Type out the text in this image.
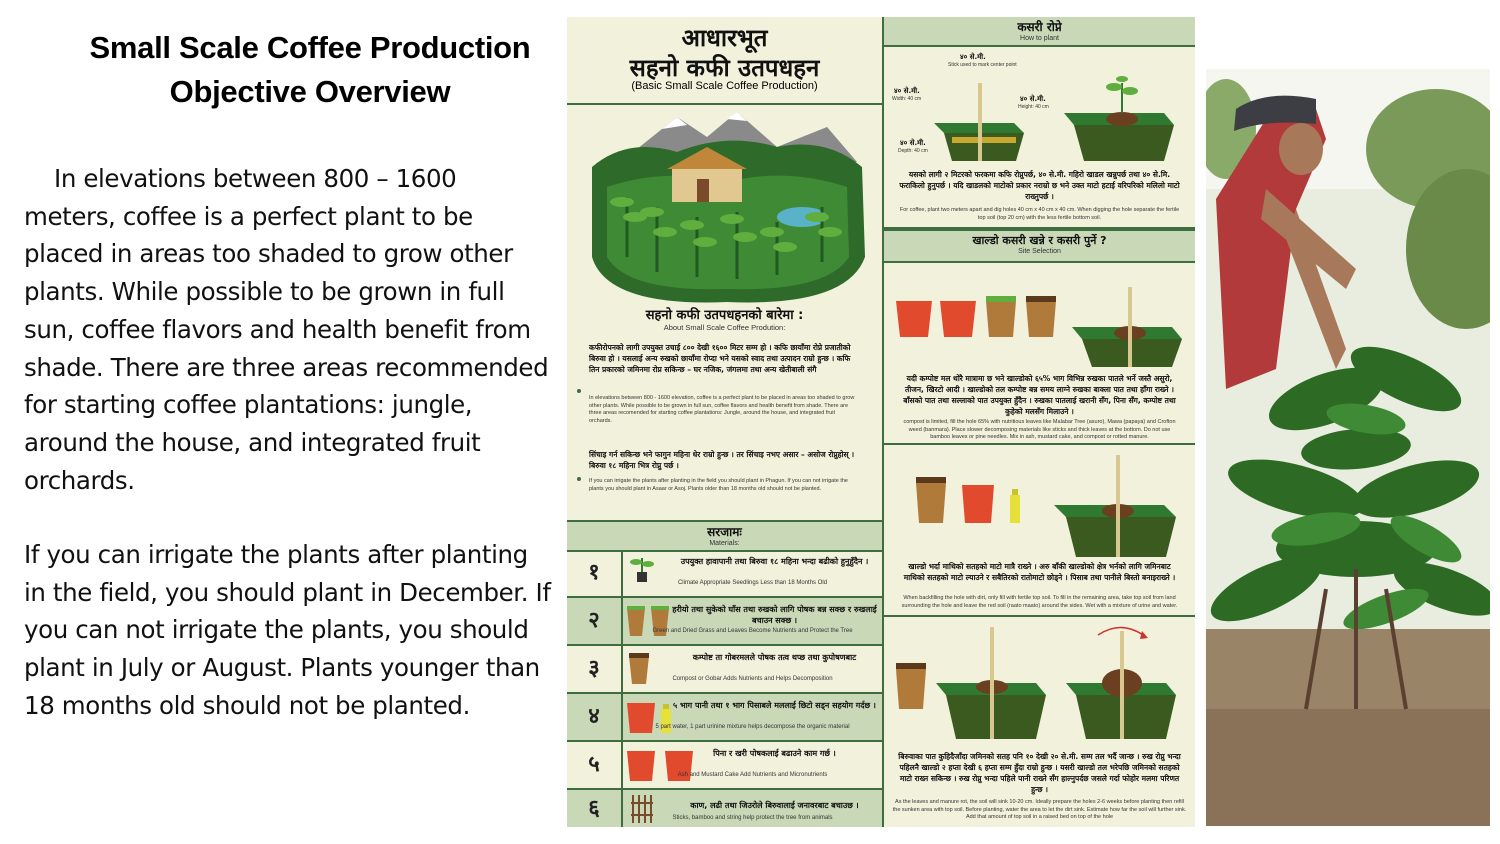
Small Scale Coffee Production
Objective Overview
In elevations between 800 – 1600 meters, coffee is a perfect plant to be placed in areas too shaded to grow other plants. While possible to be grown in full sun, coffee flavors and health benefit from shade. There are three areas recommended for starting coffee plantations: jungle, around the house, and integrated fruit orchards.
If you can irrigate the plants after planting in the field, you should plant in December. If you can not irrigate the plants, you should plant in July or August. Plants younger than 18 months old should not be planted.
आधारभूत
सहनो कफी उतपधहन
(Basic Small Scale Coffee Production)
सहनो कफी उतपधहनको बारेमा :
About Small Scale Coffee Prodution:
कफीरोपनको लागी उपयुक्त उचाई ८०० देखी १६०० मिटर सम्म हो । कफि छायाँमा रोप्ने प्रजातीको बिरुवा हो । यसलाई अन्य रुखको छायाँमा रोप्दा भने यसको स्वाद तथा उत्पादन राम्रो हुन्छ । कफि तिन प्रकारको जमिनमा रोप्न सकिन्छ – घर नजिक, जंगलमा तथा अन्य खेतीबाली संगै
In elevations between 800 - 1600 elevation, coffee is a perfect plant to be placed in areas too shaded to grow other plants. While possible to be grown in full sun, coffee flavors and health benefit from shade. There are three areas recomended for starting coffee plantations: Jungle, around the house, and integrated fruit orchards.
सिंचाइ गर्न सकिन्छ भने फागुन महिना धेर राम्रो हुन्छ । तर सिंचाइ नभए असार – असोज रोप्नुहोस् । बिरुवा १८ महिना भित्र रोप्नु पर्छ ।
If you can irrigate the plants after planting in the field you should plant in Phagun. If you can not irrigate the plants you should plant in Asaar or Asoj. Plants older than 18 months old should not be planted.
सरजामः
Materials:
१	उपयुक्त हावापानी तथा बिरुवा १८ महिना भन्दा बढीको हुनुहुँदैन ।
Climate Appropriate Seedlings Less than 18 Months Old
२	हरीयो तथा सुकेको घाँस तथा रुखको लागि पोषक बन्न सक्छ र रुखलाई बचाउन सक्छ ।
Green and Dried Grass and Leaves Become Nutrients and Protect the Tree
३	कम्पोष्ट ता गोबरमलले पोषक तत्व थप्छ तथा कुपोषणबाट
Compost or Gobar Adds Nutrients and Helps Decomposition
४	५ भाग पानी तथा १ भाग पिसाबले मललाई छिटो सड्न सहयोग गर्दछ ।
5 part water, 1 part urinine mixture helps decompose the organic material
५	पिना र खरी पोषकलाई बढाउने काम गर्छ ।
Ash and Mustard Cake Add Nutrients and Micronutrients
६	काण, लढी तथा जिउरोले बिरुवालाई जनावरबाट बचाउछ ।
Sticks, bamboo and string help protect the tree from animals
कसरी रोप्ने
How to plant
४० से.मी.
Stick used to mark center point
४० से.मी.
Width: 40 cm	४० से.मी.
Height: 40 cm
४० से.मी.
Depth: 40 cm
यसको लागी २ मिटरको फरकमा कफि रोप्नुपर्छ, ४० से.मी. गहिरो खाडल खन्नुपर्छ तथा ४० से.मि. फराकिलो हुनुपर्छ । यदि खाडलको माटोको प्रकार नराम्रो छ भने उक्त माटो हटाई वरिपरिको मलिलो माटो राख्नुपर्छ ।
For coffee, plant two meters apart and dig holes 40 cm x 40 cm x 40 cm. When digging the hole separate the fertile top soil (top 20 cm) with the less fertile bottom soil.
खाल्डो कसरी खन्ने र कसरी पुर्ने ?
Site Selection
यदी कम्पोष्ट मल थोरै मात्रामा छ भने खाल्डोको ६५% भाग विभिन्न रुखका पातले भर्ने जस्तै असुरो, तीजन, खिरटो आदी । खाल्डोको तल कम्पोष्ट बन्न समय लाग्ने रुखका बाक्ला पात तथा हाँगा राख्ने । बाँसको पात तथा सल्लाको पात उपयुक्त हुँदैन । रुखका पातलाई खरानी सँग, पिना सँग, कम्पोष्ट तथा कुहेको मलसँग मिलाउने ।
compost is limited, fill the hole 65% with nutritious leaves like Malabar Tree (asuro), Mawa (papaya) and Crofton weed (banmara). Place slower decomposing materials like sticks and thick leaves at the bottom. Do not use bamboo leaves or pine needles. Mix in ash, mustard cake, and compost or rotted manure.
खाल्डो भर्दा माथिको सतहको माटो मात्रै राख्ने । अरु बाँकी खाल्डोको क्षेत्र भर्नको लागि जमिनबाट माथिको सतहको माटो ल्याउने र सबैतिरको रातोमाटो छोड्ने । पिसाब तथा पानीले बिस्तो बनाइराख्ने ।
When backfilling the hole with dirt, only fill with fertile top soil. To fill in the remaining area, take top soil from land surrounding the hole and leave the red soil (raato maato) around the sides. Wet with a mixture of urine and water.
बिरुवाका पात कुहिदैजाँदा जमिनको सतह पनि १० देखी २० से.मी. सम्म तल भर्दै जान्छ । रुख रोप्नु भन्दा पहिलनै खाल्डो २ हप्ता देखी ६ हप्ता सम्म हुँदा राम्रो हुन्छ । यसरी खाल्डो तल भरेपछि जमिनको सतहको माटो राख्न सकिन्छ । रुख रोप्नु भन्दा पहिले पानी राख्ने सँग हाल्नुपर्दछ जसले गर्दा फोहोर मलमा परिणत हुन्छ ।
As the leaves and manure rot, the soil will sink 10-20 cm. Ideally prepare the holes 2-6 weeks before planting then refill the sunken area with top soil. Before planting, water the area to let the dirt sink. Estimate how far the soil will further sink. Add that amount of top soil in a raised bed on top of the hole
